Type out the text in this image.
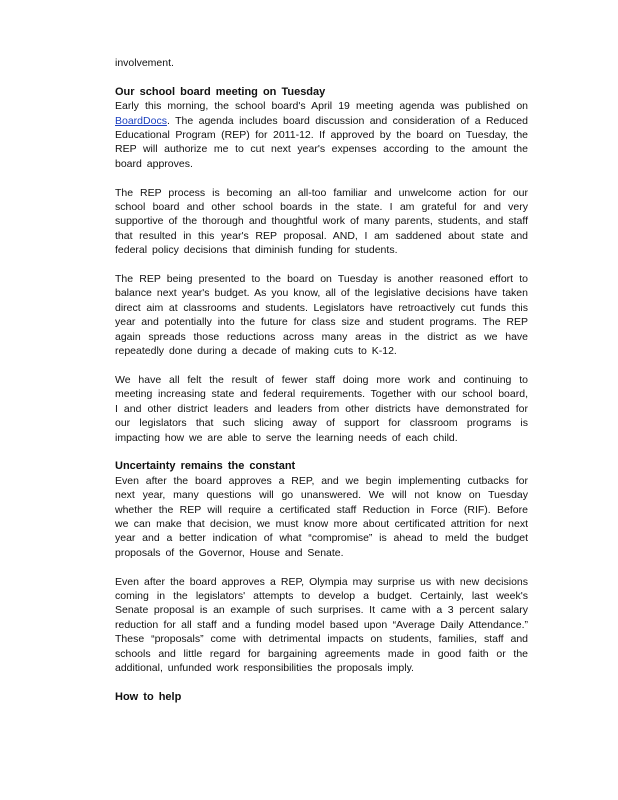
involvement.

Our school board meeting on Tuesday

Early this morning, the school board's April 19 meeting agenda was published on BoardDocs. The agenda includes board discussion and consideration of a Reduced Educational Program (REP) for 2011-12. If approved by the board on Tuesday, the REP will authorize me to cut next year's expenses according to the amount the board approves.

The REP process is becoming an all-too familiar and unwelcome action for our school board and other school boards in the state. I am grateful for and very supportive of the thorough and thoughtful work of many parents, students, and staff that resulted in this year's REP proposal. AND, I am saddened about state and federal policy decisions that diminish funding for students.

The REP being presented to the board on Tuesday is another reasoned effort to balance next year's budget. As you know, all of the legislative decisions have taken direct aim at classrooms and students. Legislators have retroactively cut funds this year and potentially into the future for class size and student programs. The REP again spreads those reductions across many areas in the district as we have repeatedly done during a decade of making cuts to K-12.

We have all felt the result of fewer staff doing more work and continuing to meeting increasing state and federal requirements. Together with our school board, I and other district leaders and leaders from other districts have demonstrated for our legislators that such slicing away of support for classroom programs is impacting how we are able to serve the learning needs of each child.

Uncertainty remains the constant

Even after the board approves a REP, and we begin implementing cutbacks for next year, many questions will go unanswered. We will not know on Tuesday whether the REP will require a certificated staff Reduction in Force (RIF). Before we can make that decision, we must know more about certificated attrition for next year and a better indication of what “compromise” is ahead to meld the budget proposals of the Governor, House and Senate.

Even after the board approves a REP, Olympia may surprise us with new decisions coming in the legislators' attempts to develop a budget. Certainly, last week's Senate proposal is an example of such surprises. It came with a 3 percent salary reduction for all staff and a funding model based upon “Average Daily Attendance.” These “proposals” come with detrimental impacts on students, families, staff and schools and little regard for bargaining agreements made in good faith or the additional, unfunded work responsibilities the proposals imply.

How to help
